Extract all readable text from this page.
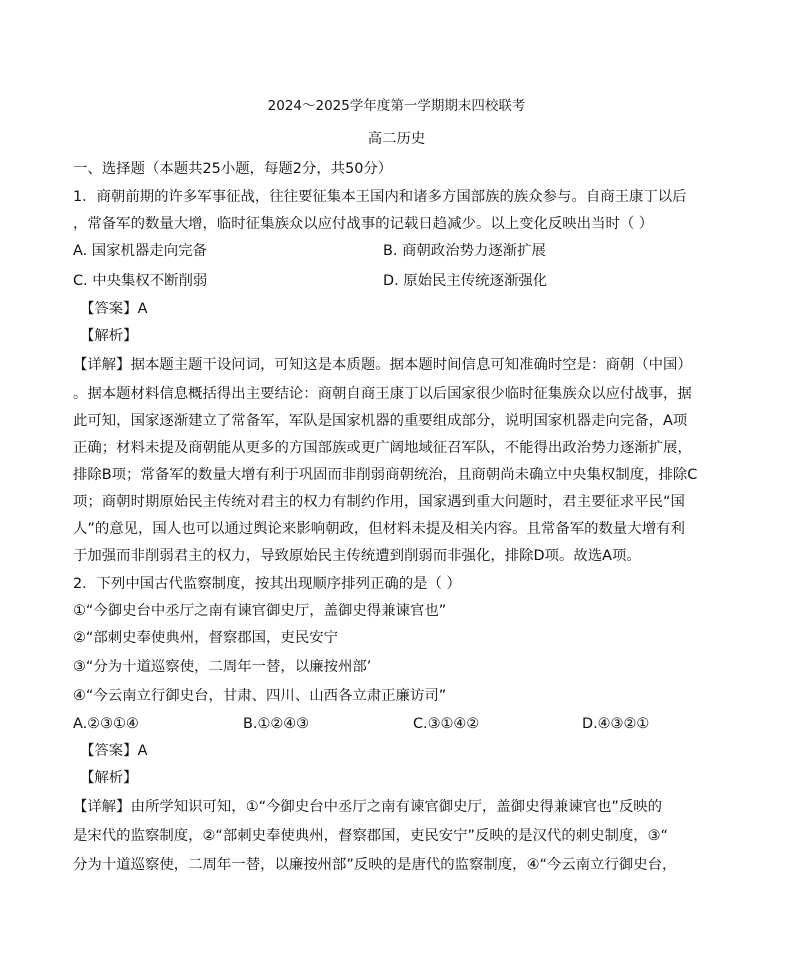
2024～2025学年度第一学期期末四校联考
高二历史
一、选择题（本题共25小题，每题2分，共50分）
1．商朝前期的许多军事征战，往往要征集本王国内和诸多方国部族的族众参与。自商王康丁以后
，常备军的数量大增，临时征集族众以应付战事的记载日趋减少。以上变化反映出当时（ ）
A. 国家机器走向完备	B. 商朝政治势力逐渐扩展
C. 中央集权不断削弱	D. 原始民主传统逐渐强化
【答案】A
【解析】
【详解】据本题主题干设问词，可知这是本质题。据本题时间信息可知准确时空是：商朝（中国）
。据本题材料信息概括得出主要结论：商朝自商王康丁以后国家很少临时征集族众以应付战事，据
此可知，国家逐渐建立了常备军，军队是国家机器的重要组成部分，说明国家机器走向完备，A项
正确；材料未提及商朝能从更多的方国部族或更广阔地域征召军队，不能得出政治势力逐渐扩展，
排除B项；常备军的数量大增有利于巩固而非削弱商朝统治，且商朝尚未确立中央集权制度，排除C
项；商朝时期原始民主传统对君主的权力有制约作用，国家遇到重大问题时，君主要征求平民“国
人”的意见，国人也可以通过舆论来影响朝政，但材料未提及相关内容。且常备军的数量大增有利
于加强而非削弱君主的权力，导致原始民主传统遭到削弱而非强化，排除D项。故选A项。
2．下列中国古代监察制度，按其出现顺序排列正确的是（ ）
①“今御史台中丞厅之南有谏官御史厅，盖御史得兼谏官也”
②“部刺史奉使典州，督察郡国，吏民安宁
③“分为十道巡察使，二周年一替，以廉按州部’
④“今云南立行御史台，甘肃、四川、山西各立肃正廉访司”
A.②③①④	B.①②④③	C.③①④②	D.④③②①
【答案】A
【解析】
【详解】由所学知识可知，①“今御史台中丞厅之南有谏官御史厅，盖御史得兼谏官也”反映的
是宋代的监察制度，②“部刺史奉使典州，督察郡国，吏民安宁”反映的是汉代的刺史制度，③“
分为十道巡察使，二周年一替，以廉按州部”反映的是唐代的监察制度，④“今云南立行御史台，
